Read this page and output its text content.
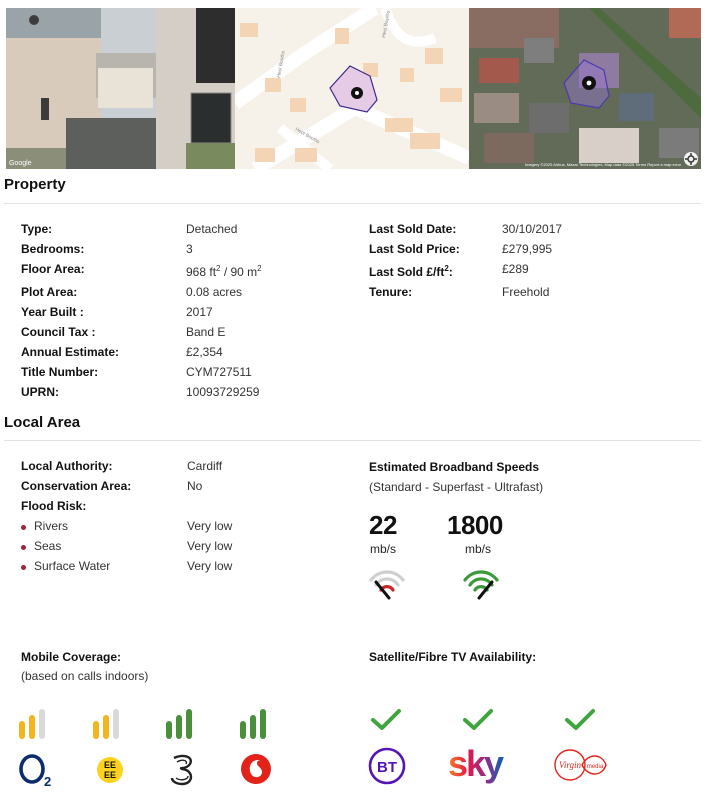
Google
Heol Booths
Heol Booths
Heol Bayliss
Imagery ©2025 Airbus, Maxar Technologies, Map data ©2025 Terms Report a map error
Property
Type:	Detached
Bedrooms:	3
Floor Area:	968 $ft^2 / 90$ $m^2$
Plot Area:	0.08 acres
Year Built :	2017
Council Tax :	Band E
Annual Estimate:	£2,354
Title Number:	CYM727511
UPRN:	10093729259
Last Sold Date:	30/10/2017
Last Sold Price:	£279,995
Last Sold $£/ft^2$:	£289
Tenure:	Freehold
Local Area
Local Authority:	Cardiff
Conservation Area:	No
Flood Risk:
Rivers	Very low
Seas	Very low
Surface Water	Very low
Estimated Broadband Speeds
(Standard - Superfast - Ultrafast)
22
mb/s
1800
mb/s
Mobile Coverage:
(based on calls indoors)
2
EE
EE
Satellite/Fibre TV Availability:
BT sky	Virgin media
